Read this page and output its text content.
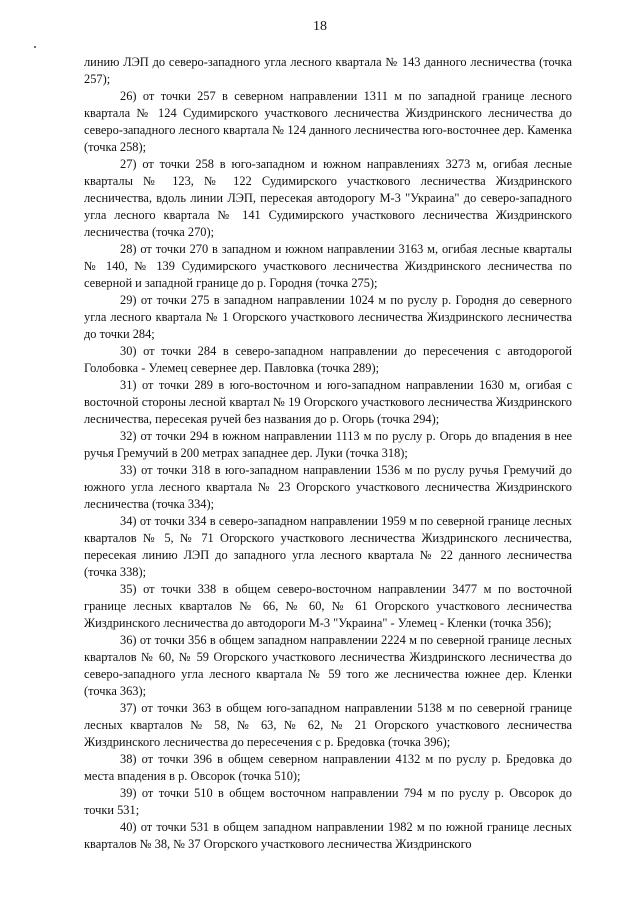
18

линию ЛЭП до северо-западного угла лесного квартала № 143 данного лесничества (точка 257);

26) от точки 257 в северном направлении 1311 м по западной границе лесного квартала № 124 Судимирского участкового лесничества Жиздринского лесничества до северо-западного лесного квартала № 124 данного лесничества юго-восточнее дер. Каменка (точка 258);

27) от точки 258 в юго-западном и южном направлениях 3273 м, огибая лесные кварталы № 123, № 122 Судимирского участкового лесничества Жиздринского лесничества, вдоль линии ЛЭП, пересекая автодорогу М-3 "Украина" до северо-западного угла лесного квартала № 141 Судимирского участкового лесничества Жиздринского лесничества (точка 270);

28) от точки 270 в западном и южном направлении 3163 м, огибая лесные кварталы № 140, № 139 Судимирского участкового лесничества Жиздринского лесничества по северной и западной границе до р. Городня (точка 275);

29) от точки 275 в западном направлении 1024 м по руслу р. Городня до северного угла лесного квартала № 1 Огорского участкового лесничества Жиздринского лесничества до точки 284;

30) от точки 284 в северо-западном направлении до пересечения с автодорогой Голобовка - Улемец севернее дер. Павловка (точка 289);

31) от точки 289 в юго-восточном и юго-западном направлении 1630 м, огибая с восточной стороны лесной квартал № 19 Огорского участкового лесничества Жиздринского лесничества, пересекая ручей без названия до р. Огорь (точка 294);

32) от точки 294 в южном направлении 1113 м по руслу р. Огорь до впадения в нее ручья Гремучий в 200 метрах западнее дер. Луки (точка 318);

33) от точки 318 в юго-западном направлении 1536 м по руслу ручья Гремучий до южного угла лесного квартала № 23 Огорского участкового лесничества Жиздринского лесничества (точка 334);

34) от точки 334 в северо-западном направлении 1959 м по северной границе лесных кварталов № 5, № 71 Огорского участкового лесничества Жиздринского лесничества, пересекая линию ЛЭП до западного угла лесного квартала № 22 данного лесничества (точка 338);

35) от точки 338 в общем северо-восточном направлении 3477 м по восточной границе лесных кварталов № 66, № 60, № 61 Огорского участкового лесничества Жиздринского лесничества до автодороги М-3 "Украина" - Улемец - Кленки (точка 356);

36) от точки 356 в общем западном направлении 2224 м по северной границе лесных кварталов № 60, № 59 Огорского участкового лесничества Жиздринского лесничества до северо-западного угла лесного квартала № 59 того же лесничества южнее дер. Кленки (точка 363);

37) от точки 363 в общем юго-западном направлении 5138 м по северной границе лесных кварталов № 58, № 63, № 62, № 21 Огорского участкового лесничества Жиздринского лесничества до пересечения с р. Бредовка (точка 396);

38) от точки 396 в общем северном направлении 4132 м по руслу р. Бредовка до места впадения в р. Овсорок (точка 510);

39) от точки 510 в общем восточном направлении 794 м по руслу р. Овсорок до точки 531;

40) от точки 531 в общем западном направлении 1982 м по южной границе лесных кварталов № 38, № 37 Огорского участкового лесничества Жиздринского
